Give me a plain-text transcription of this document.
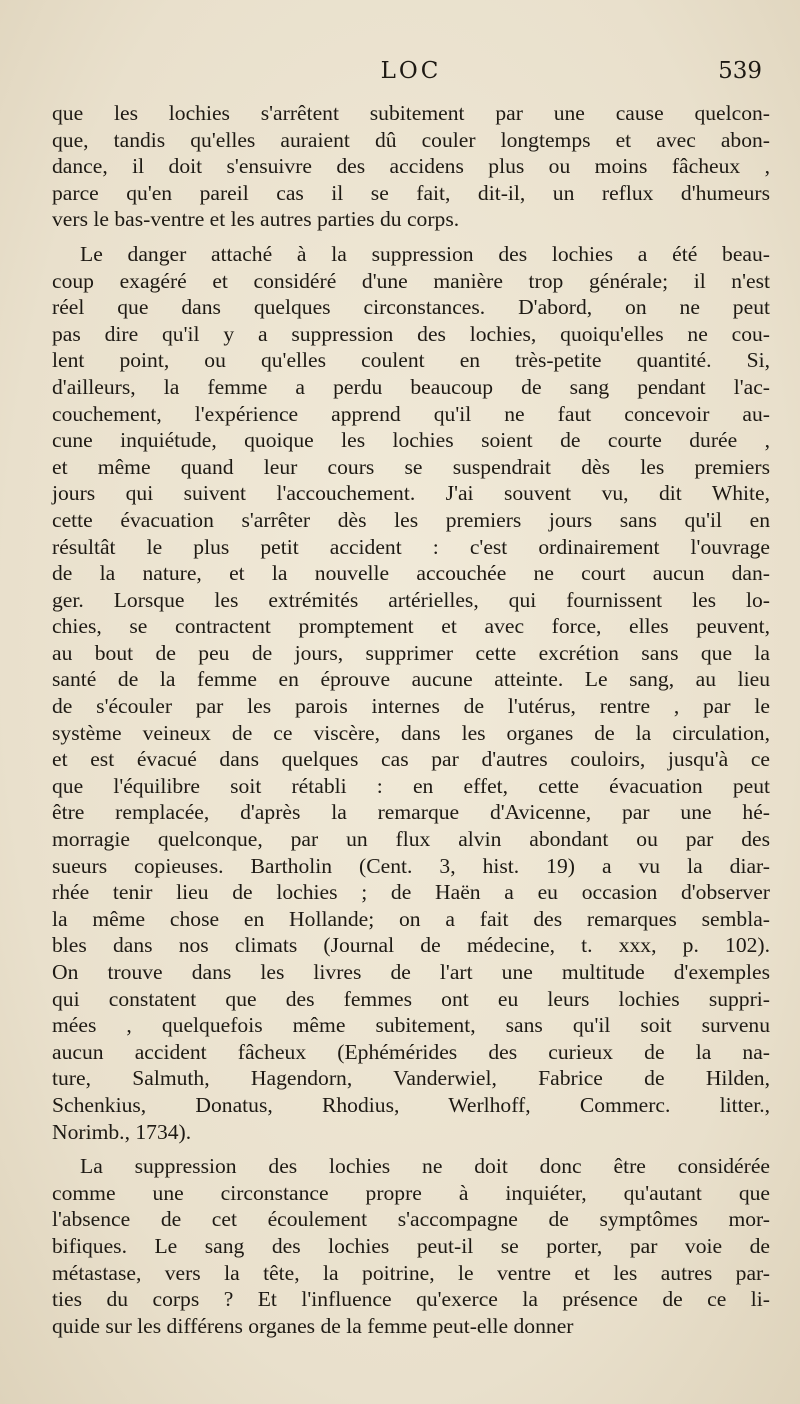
LOC	539
que les lochies s'arrêtent subitement par une cause quelcon-
que, tandis qu'elles auraient dû couler longtemps et avec abon-
dance, il doit s'ensuivre des accidens plus ou moins fâcheux ,
parce qu'en pareil cas il se fait, dit-il, un reflux d'humeurs
vers le bas-ventre et les autres parties du corps.
Le danger attaché à la suppression des lochies a été beau-
coup exagéré et considéré d'une manière trop générale; il n'est
réel que dans quelques circonstances. D'abord, on ne peut
pas dire qu'il y a suppression des lochies, quoiqu'elles ne cou-
lent point, ou qu'elles coulent en très-petite quantité. Si,
d'ailleurs, la femme a perdu beaucoup de sang pendant l'ac-
couchement, l'expérience apprend qu'il ne faut concevoir au-
cune inquiétude, quoique les lochies soient de courte durée ,
et même quand leur cours se suspendrait dès les premiers
jours qui suivent l'accouchement. J'ai souvent vu, dit White,
cette évacuation s'arrêter dès les premiers jours sans qu'il en
résultât le plus petit accident : c'est ordinairement l'ouvrage
de la nature, et la nouvelle accouchée ne court aucun dan-
ger. Lorsque les extrémités artérielles, qui fournissent les lo-
chies, se contractent promptement et avec force, elles peuvent,
au bout de peu de jours, supprimer cette excrétion sans que la
santé de la femme en éprouve aucune atteinte. Le sang, au lieu
de s'écouler par les parois internes de l'utérus, rentre , par le
système veineux de ce viscère, dans les organes de la circulation,
et est évacué dans quelques cas par d'autres couloirs, jusqu'à ce
que l'équilibre soit rétabli : en effet, cette évacuation peut
être remplacée, d'après la remarque d'Avicenne, par une hé-
morragie quelconque, par un flux alvin abondant ou par des
sueurs copieuses. Bartholin (Cent. 3, hist. 19) a vu la diar-
rhée tenir lieu de lochies ; de Haën a eu occasion d'observer
la même chose en Hollande; on a fait des remarques sembla-
bles dans nos climats (Journal de médecine, t. xxx, p. 102).
On trouve dans les livres de l'art une multitude d'exemples
qui constatent que des femmes ont eu leurs lochies suppri-
mées , quelquefois même subitement, sans qu'il soit survenu
aucun accident fâcheux (Ephémérides des curieux de la na-
ture, Salmuth, Hagendorn, Vanderwiel, Fabrice de Hilden,
Schenkius, Donatus, Rhodius, Werlhoff, Commerc. litter.,
Norimb., 1734).
La suppression des lochies ne doit donc être considérée
comme une circonstance propre à inquiéter, qu'autant que
l'absence de cet écoulement s'accompagne de symptômes mor-
bifiques. Le sang des lochies peut-il se porter, par voie de
métastase, vers la tête, la poitrine, le ventre et les autres par-
ties du corps ? Et l'influence qu'exerce la présence de ce li-
quide sur les différens organes de la femme peut-elle donner
